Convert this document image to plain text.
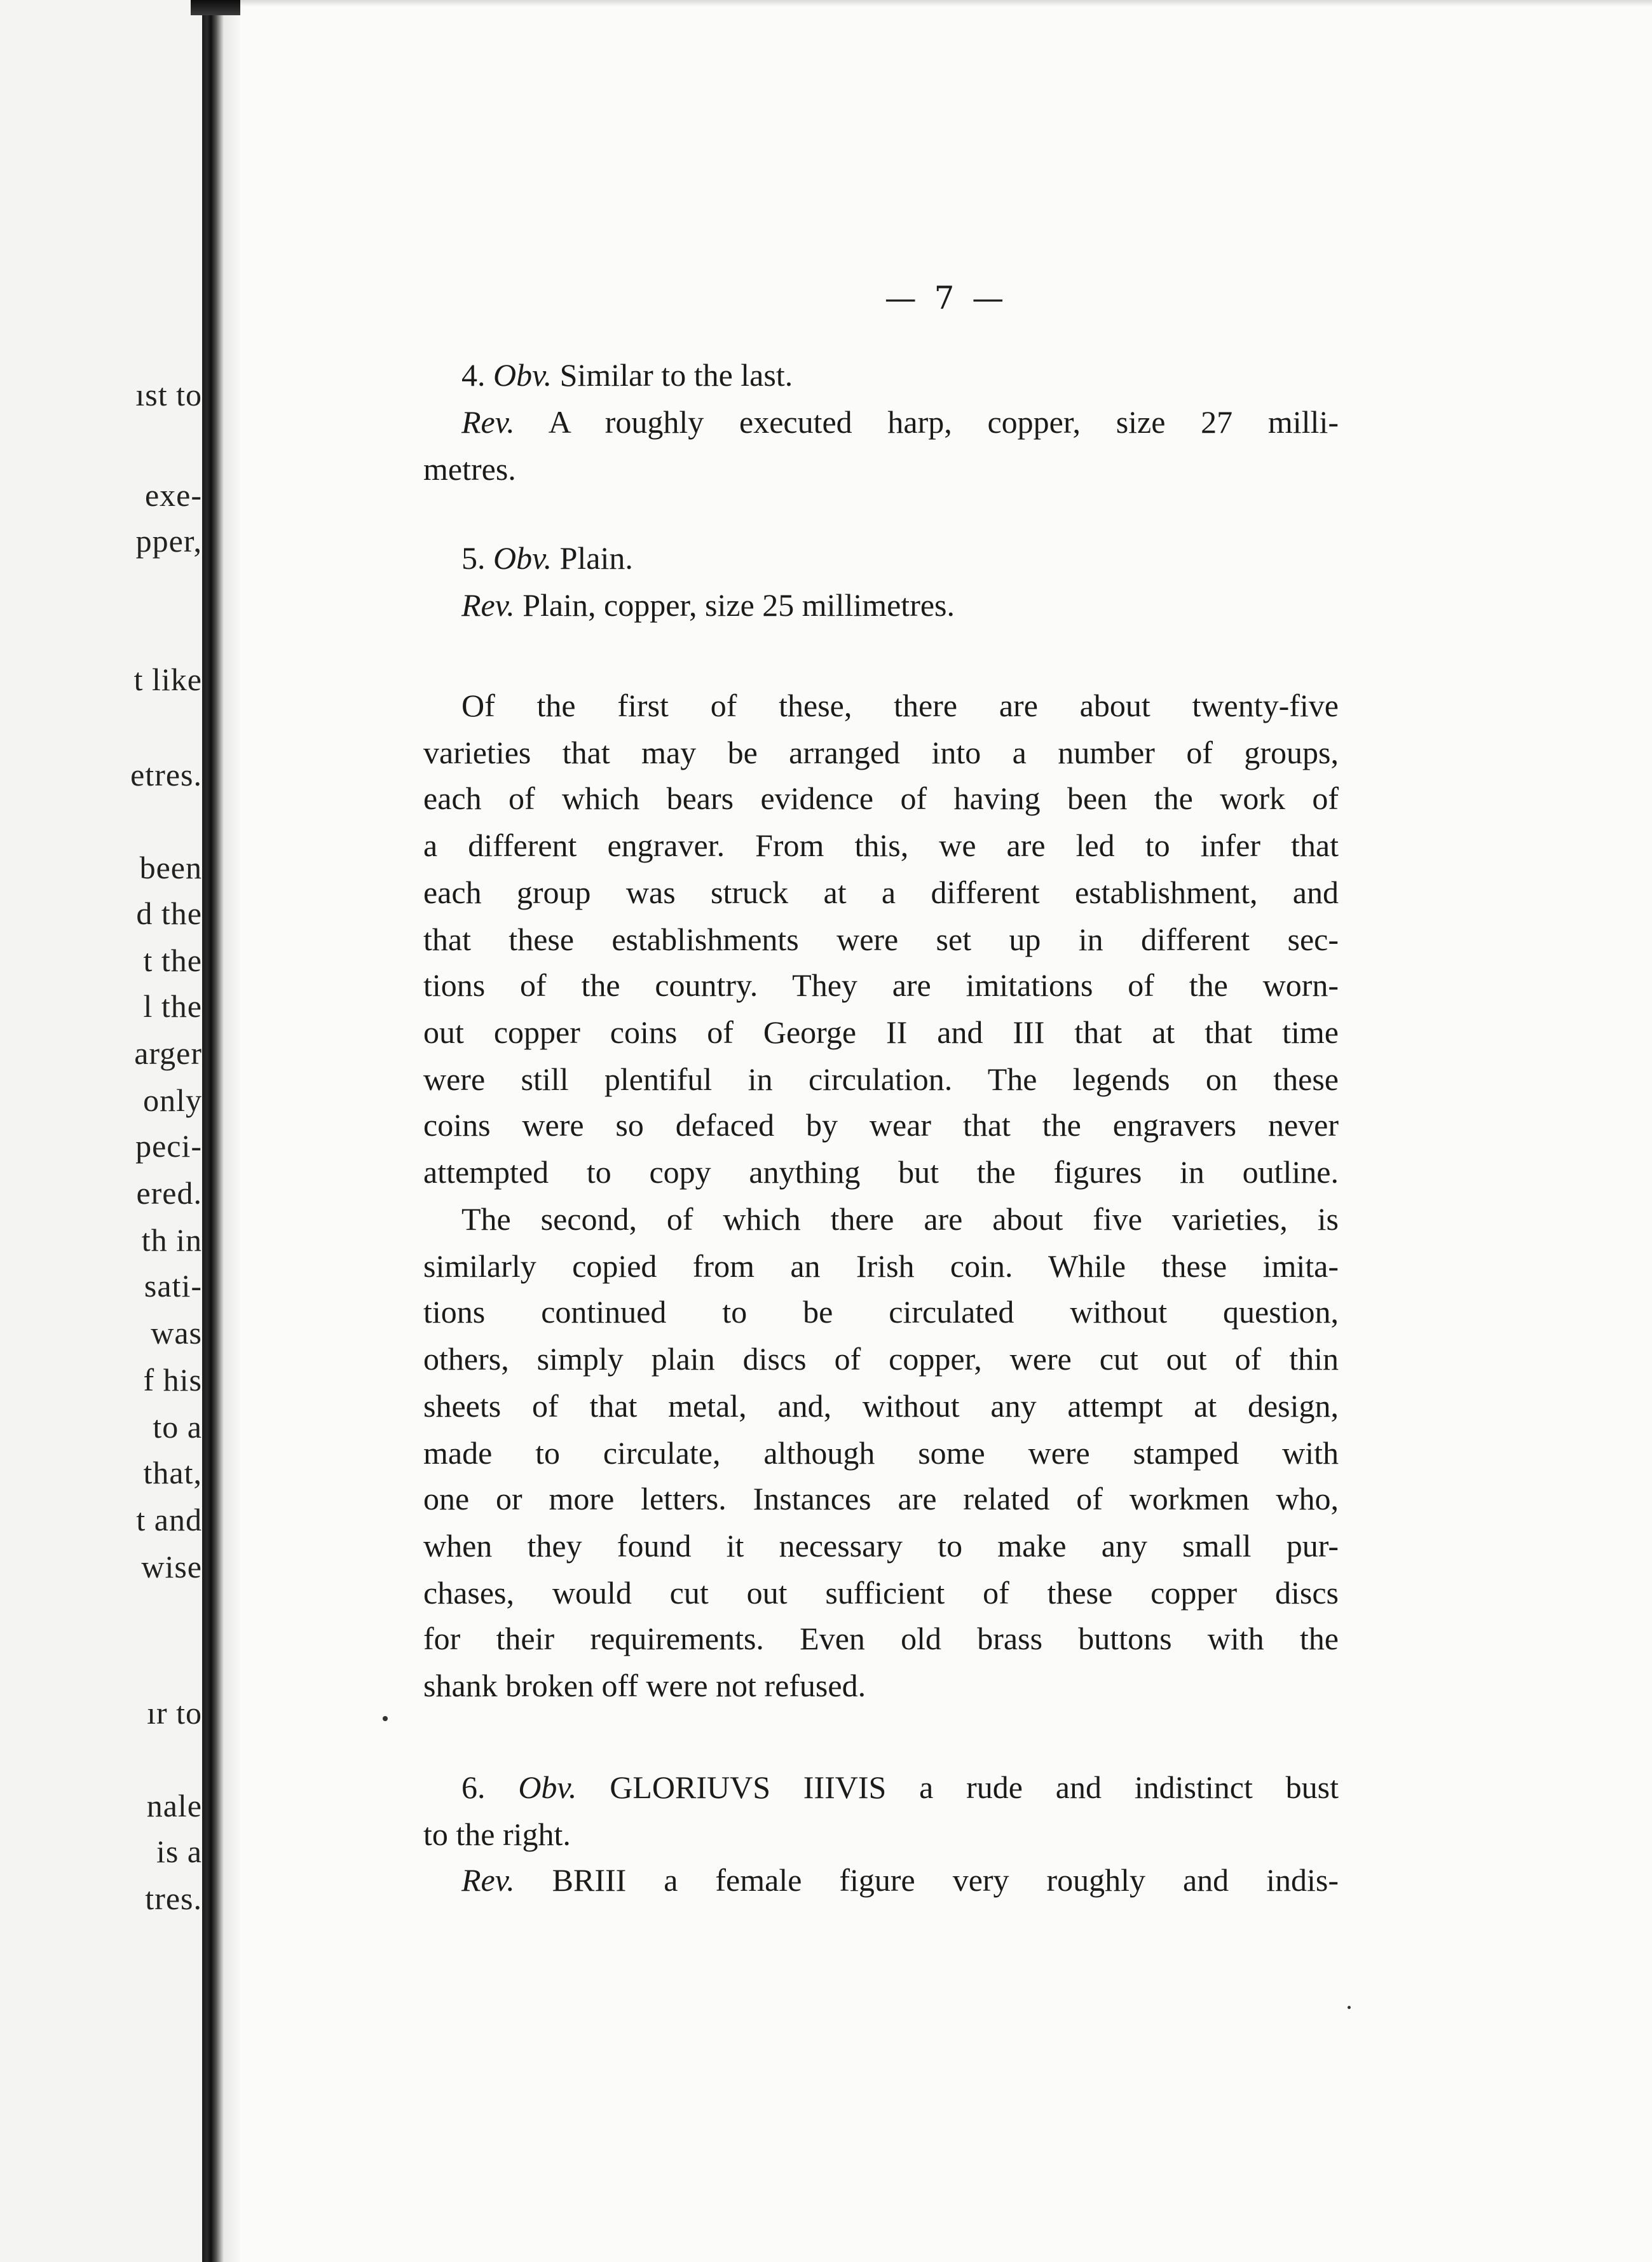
ıst to
exe-
pper,
t like
etres.
been
d the
t the
l the
arger
only
peci-
ered.
th in
sati-
was
f his
to a
that,
t and
wise
ır to
nale
is a
tres.
— 7 —
4. Obv. Similar to the last.
Rev. A roughly executed harp, copper, size 27 milli-
metres.
5. Obv. Plain.
Rev. Plain, copper, size 25 millimetres.
Of the first of these, there are about twenty-five
varieties that may be arranged into a number of groups,
each of which bears evidence of having been the work of
a different engraver. From this, we are led to infer that
each group was struck at a different establishment, and
that these establishments were set up in different sec-
tions of the country. They are imitations of the worn-
out copper coins of George II and III that at that time
were still plentiful in circulation. The legends on these
coins were so defaced by wear that the engravers never
attempted to copy anything but the figures in outline.
The second, of which there are about five varieties, is
similarly copied from an Irish coin. While these imita-
tions continued to be circulated without question,
others, simply plain discs of copper, were cut out of thin
sheets of that metal, and, without any attempt at design,
made to circulate, although some were stamped with
one or more letters. Instances are related of workmen who,
when they found it necessary to make any small pur-
chases, would cut out sufficient of these copper discs
for their requirements. Even old brass buttons with the
shank broken off were not refused.
6. Obv. GLORIUVS IIIVIS a rude and indistinct bust
to the right.
Rev. BRIII a female figure very roughly and indis-
